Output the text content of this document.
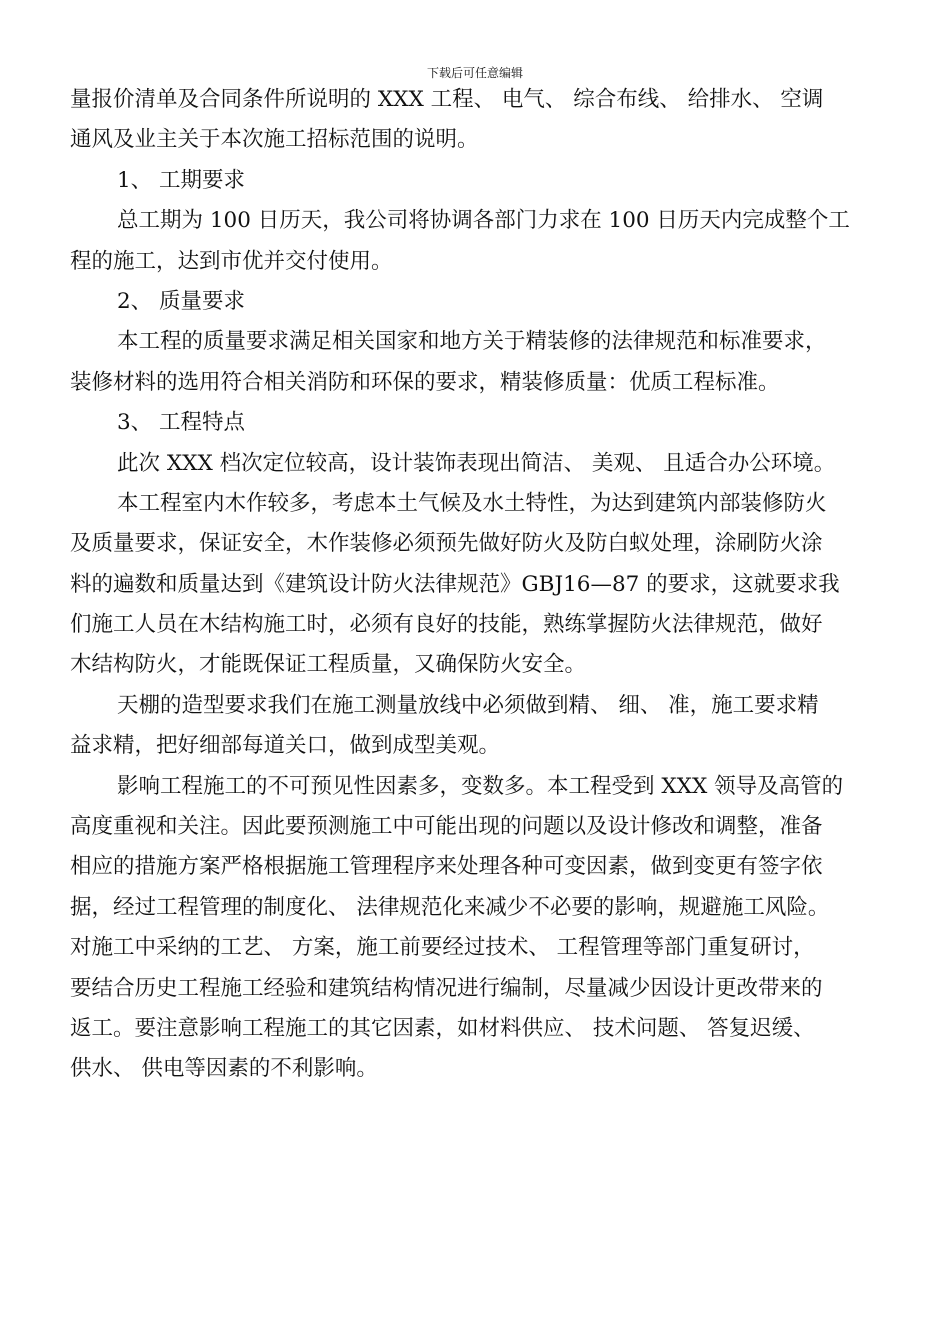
下载后可任意编辑
量报价清单及合同条件所说明的 XXX 工程、 电气、 综合布线、 给排水、 空调
通风及业主关于本次施工招标范围的说明。
1、 工期要求
总工期为 100 日历天，我公司将协调各部门力求在 100 日历天内完成整个工
程的施工，达到市优并交付使用。
2、 质量要求
本工程的质量要求满足相关国家和地方关于精装修的法律规范和标准要求，
装修材料的选用符合相关消防和环保的要求，精装修质量：优质工程标准。
3、 工程特点
此次 XXX 档次定位较高，设计装饰表现出简洁、 美观、 且适合办公环境。
本工程室内木作较多，考虑本土气候及水土特性，为达到建筑内部装修防火
及质量要求，保证安全，木作装修必须预先做好防火及防白蚁处理，涂刷防火涂
料的遍数和质量达到《建筑设计防火法律规范》GBJ16—87 的要求，这就要求我
们施工人员在木结构施工时，必须有良好的技能，熟练掌握防火法律规范，做好
木结构防火，才能既保证工程质量，又确保防火安全。
天棚的造型要求我们在施工测量放线中必须做到精、 细、 准，施工要求精
益求精，把好细部每道关口，做到成型美观。
影响工程施工的不可预见性因素多，变数多。本工程受到 XXX 领导及高管的
高度重视和关注。因此要预测施工中可能出现的问题以及设计修改和调整，准备
相应的措施方案严格根据施工管理程序来处理各种可变因素，做到变更有签字依
据，经过工程管理的制度化、 法律规范化来减少不必要的影响，规避施工风险。
对施工中采纳的工艺、 方案，施工前要经过技术、 工程管理等部门重复研讨，
要结合历史工程施工经验和建筑结构情况进行编制，尽量减少因设计更改带来的
返工。要注意影响工程施工的其它因素，如材料供应、 技术问题、 答复迟缓、
供水、 供电等因素的不利影响。
